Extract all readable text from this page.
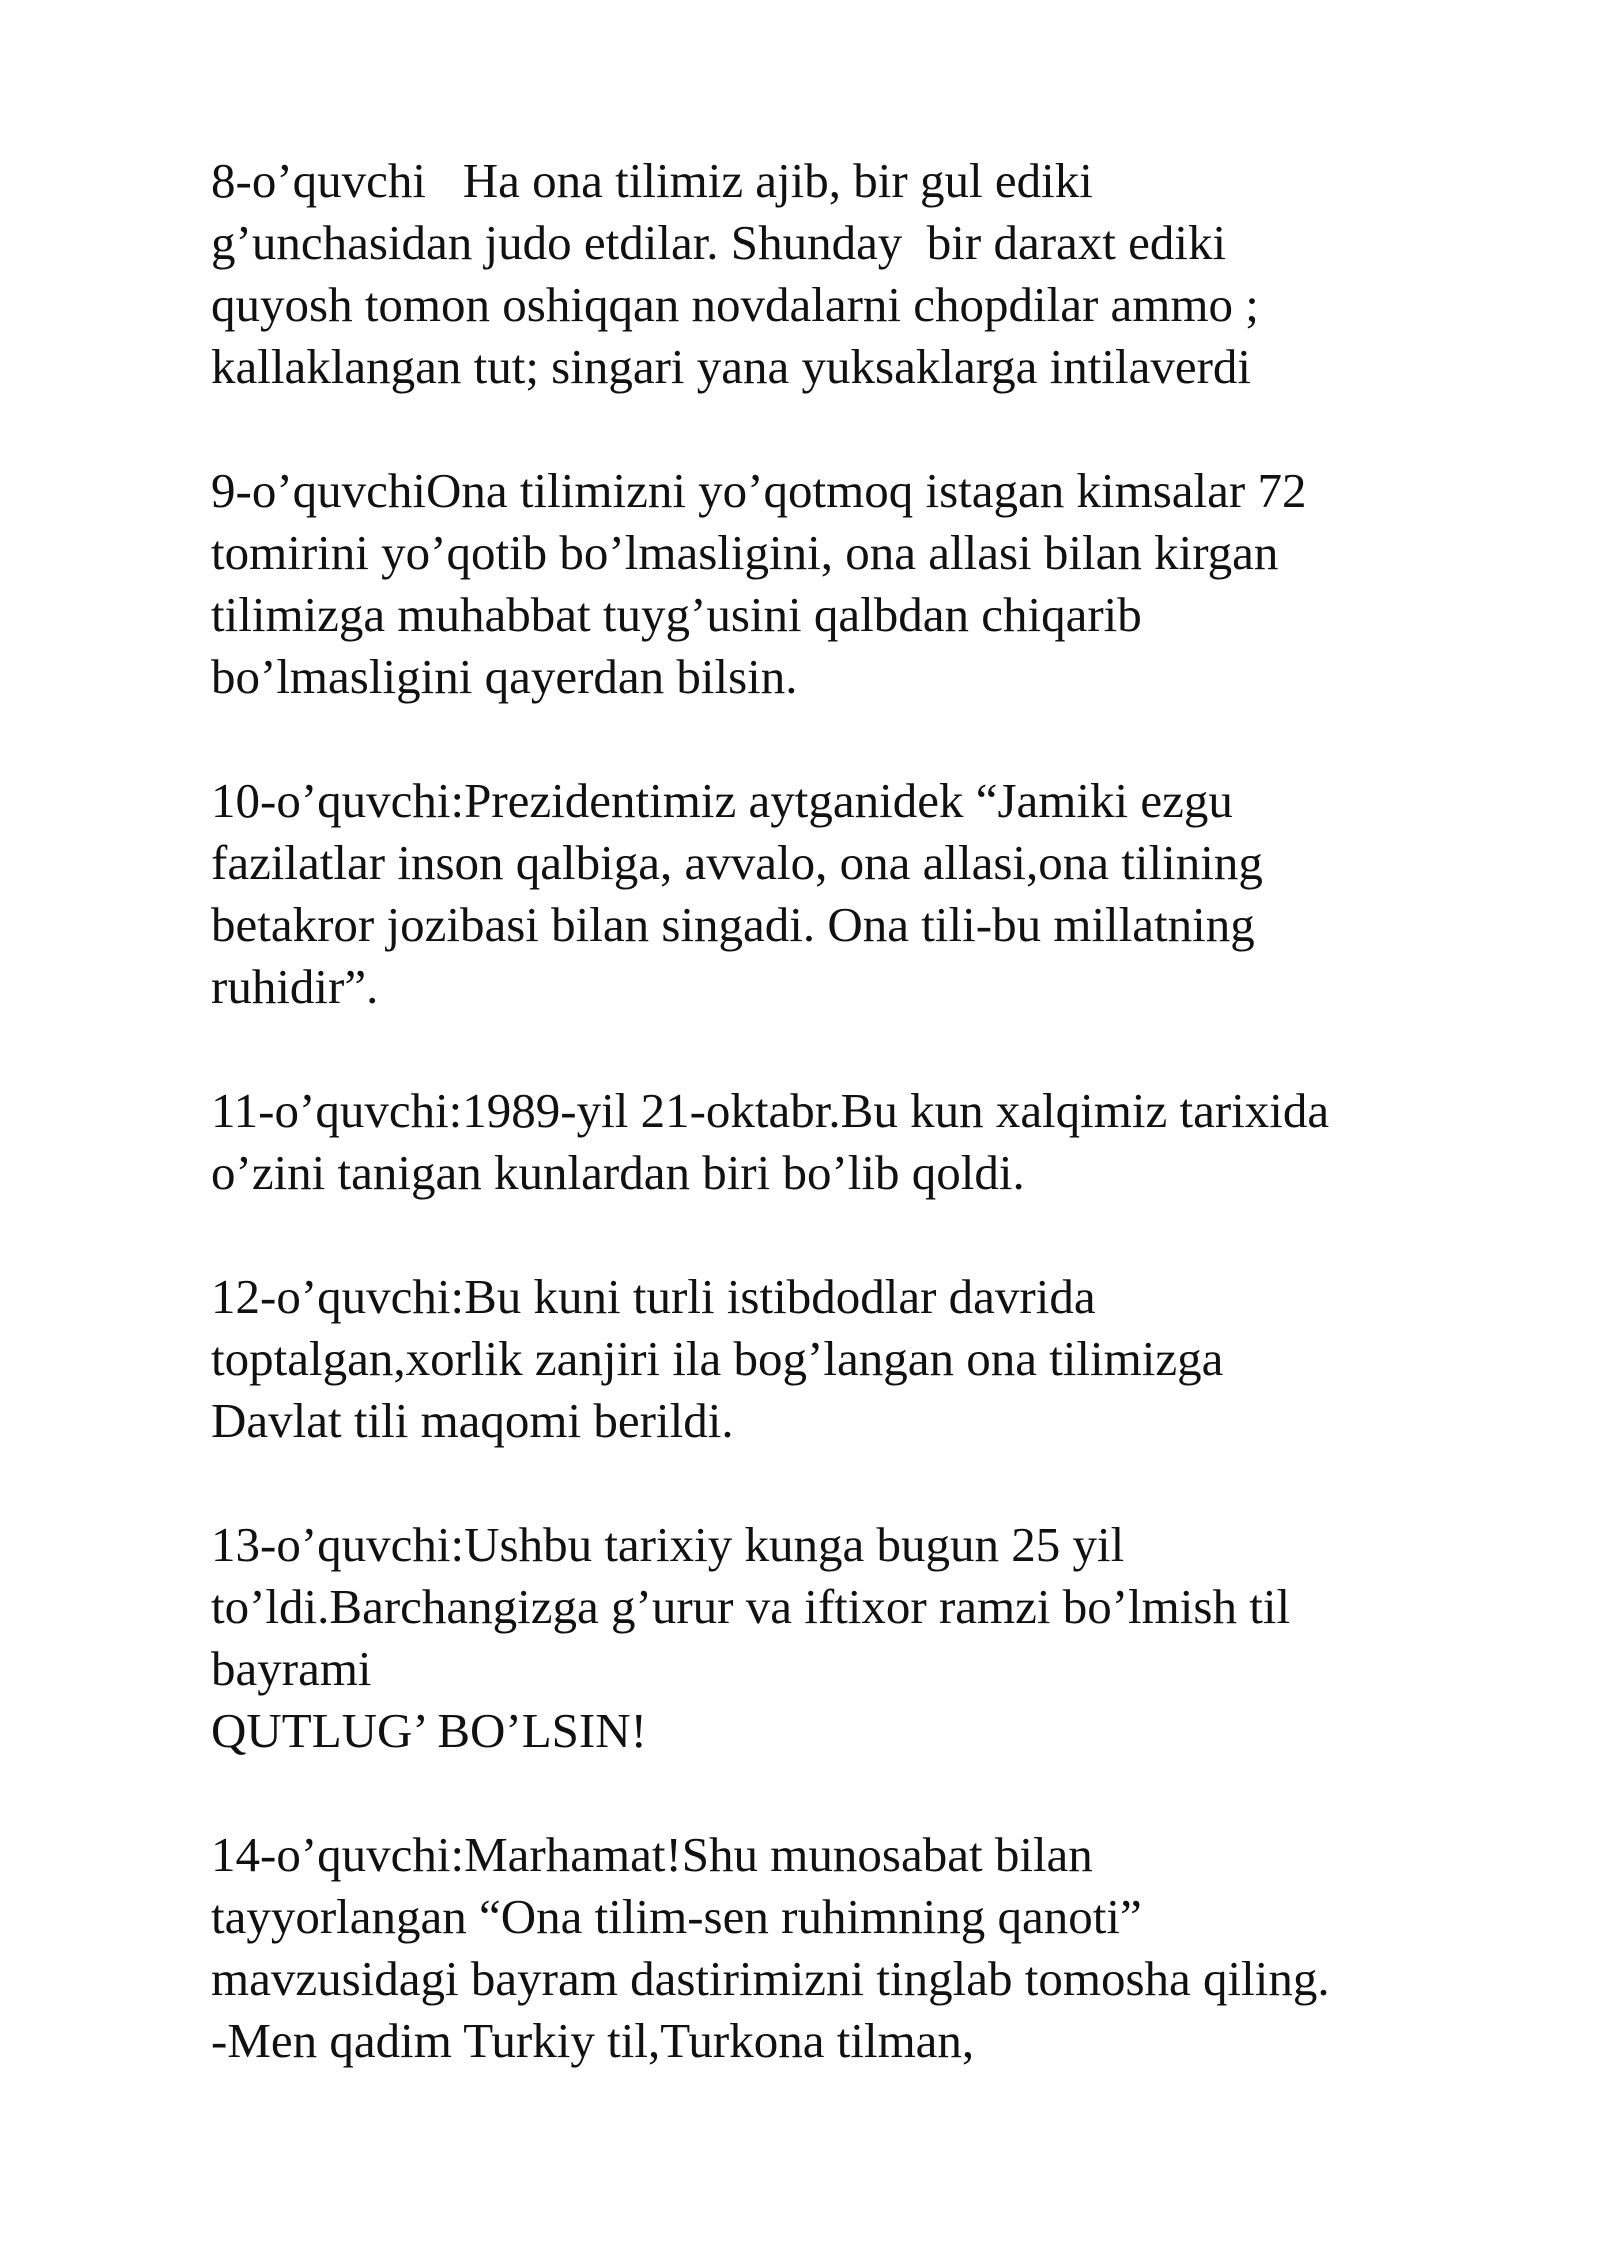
8-o’quvchi   Ha ona tilimiz ajib, bir gul ediki
g’unchasidan judo etdilar. Shunday  bir daraxt ediki
quyosh tomon oshiqqan novdalarni chopdilar ammo ;
kallaklangan tut; singari yana yuksaklarga intilaverdi

9-o’quvchiOna tilimizni yo’qotmoq istagan kimsalar 72
tomirini yo’qotib bo’lmasligini, ona allasi bilan kirgan
tilimizga muhabbat tuyg’usini qalbdan chiqarib
bo’lmasligini qayerdan bilsin.

10-o’quvchi:Prezidentimiz aytganidek “Jamiki ezgu
fazilatlar inson qalbiga, avvalo, ona allasi,ona tilining
betakror jozibasi bilan singadi. Ona tili-bu millatning
ruhidir”.

11-o’quvchi:1989-yil 21-oktabr.Bu kun xalqimiz tarixida
o’zini tanigan kunlardan biri bo’lib qoldi.

12-o’quvchi:Bu kuni turli istibdodlar davrida
toptalgan,xorlik zanjiri ila bog’langan ona tilimizga
Davlat tili maqomi berildi.

13-o’quvchi:Ushbu tarixiy kunga bugun 25 yil
to’ldi.Barchangizga g’urur va iftixor ramzi bo’lmish til
bayrami
QUTLUG’ BO’LSIN!

14-o’quvchi:Marhamat!Shu munosabat bilan
tayyorlangan “Ona tilim-sen ruhimning qanoti”
mavzusidagi bayram dastirimizni tinglab tomosha qiling.
-Men qadim Turkiy til,Turkona tilman,
